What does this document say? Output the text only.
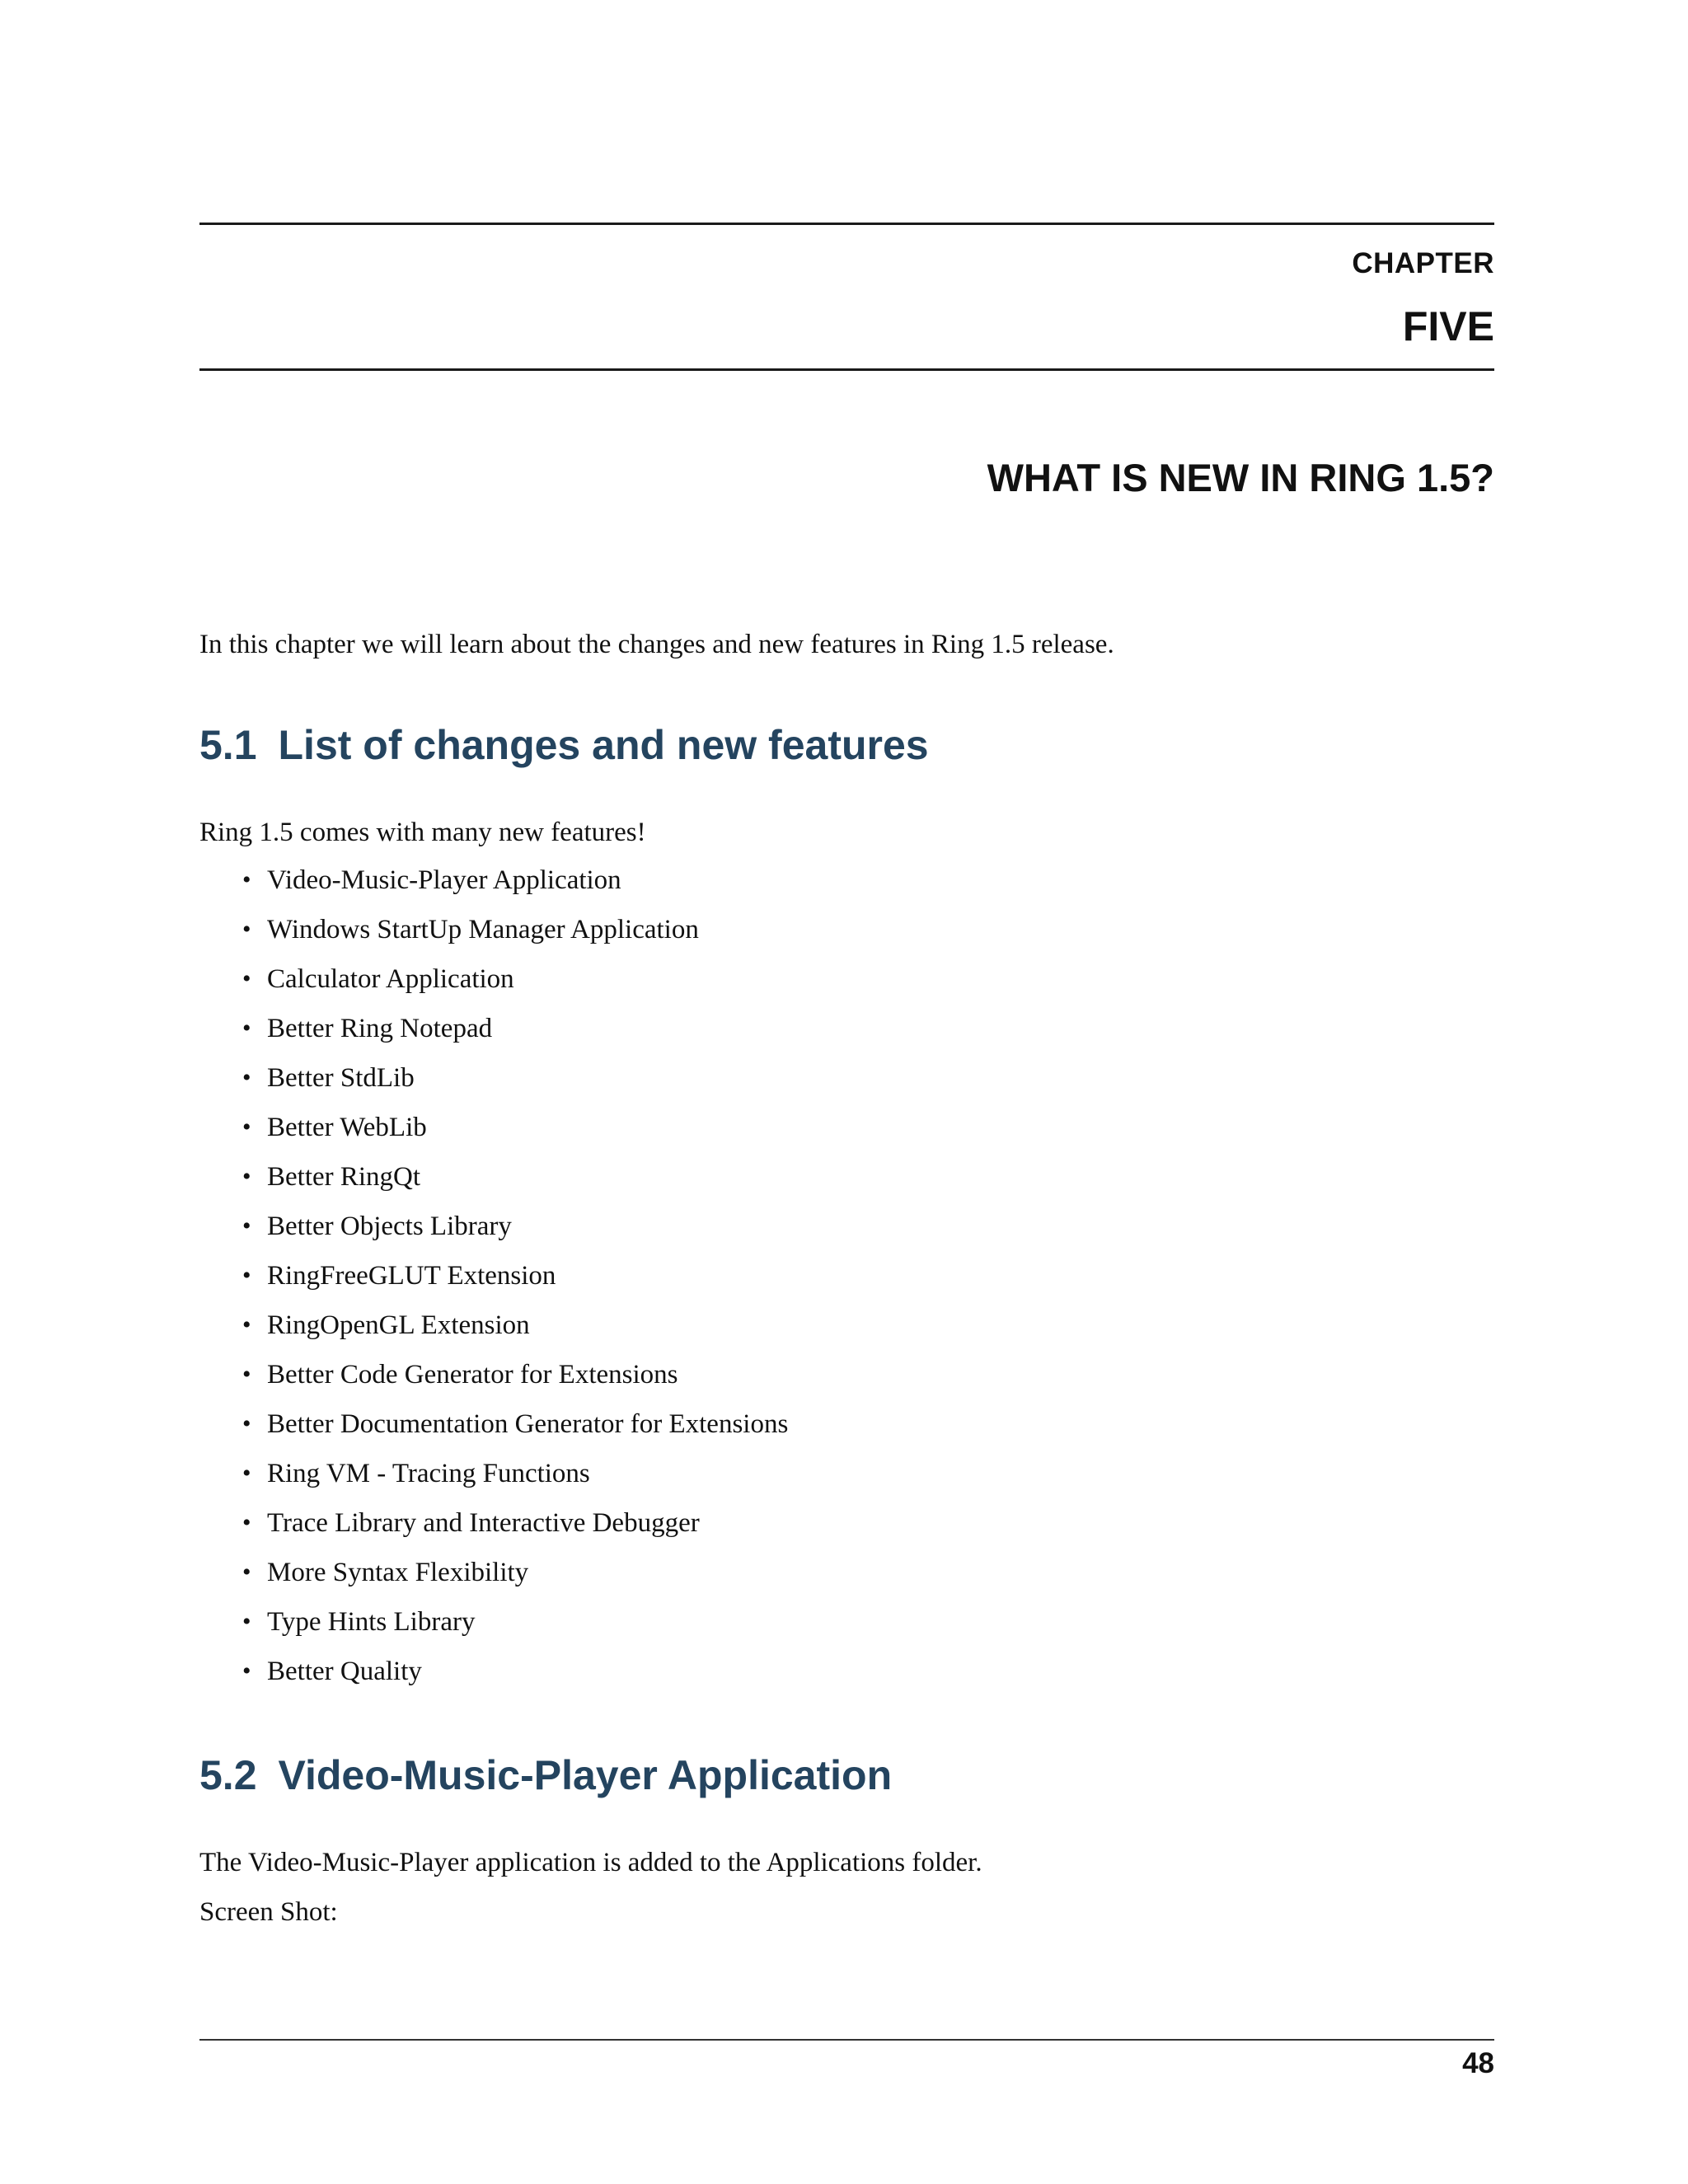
CHAPTER
FIVE
WHAT IS NEW IN RING 1.5?

In this chapter we will learn about the changes and new features in Ring 1.5 release.

5.1 List of changes and new features

Ring 1.5 comes with many new features!

• Video-Music-Player Application
• Windows StartUp Manager Application
• Calculator Application
• Better Ring Notepad
• Better StdLib
• Better WebLib
• Better RingQt
• Better Objects Library
• RingFreeGLUT Extension
• RingOpenGL Extension
• Better Code Generator for Extensions
• Better Documentation Generator for Extensions
• Ring VM - Tracing Functions
• Trace Library and Interactive Debugger
• More Syntax Flexibility
• Type Hints Library
• Better Quality
5.2 Video-Music-Player Application

The Video-Music-Player application is added to the Applications folder.

Screen Shot:

48
